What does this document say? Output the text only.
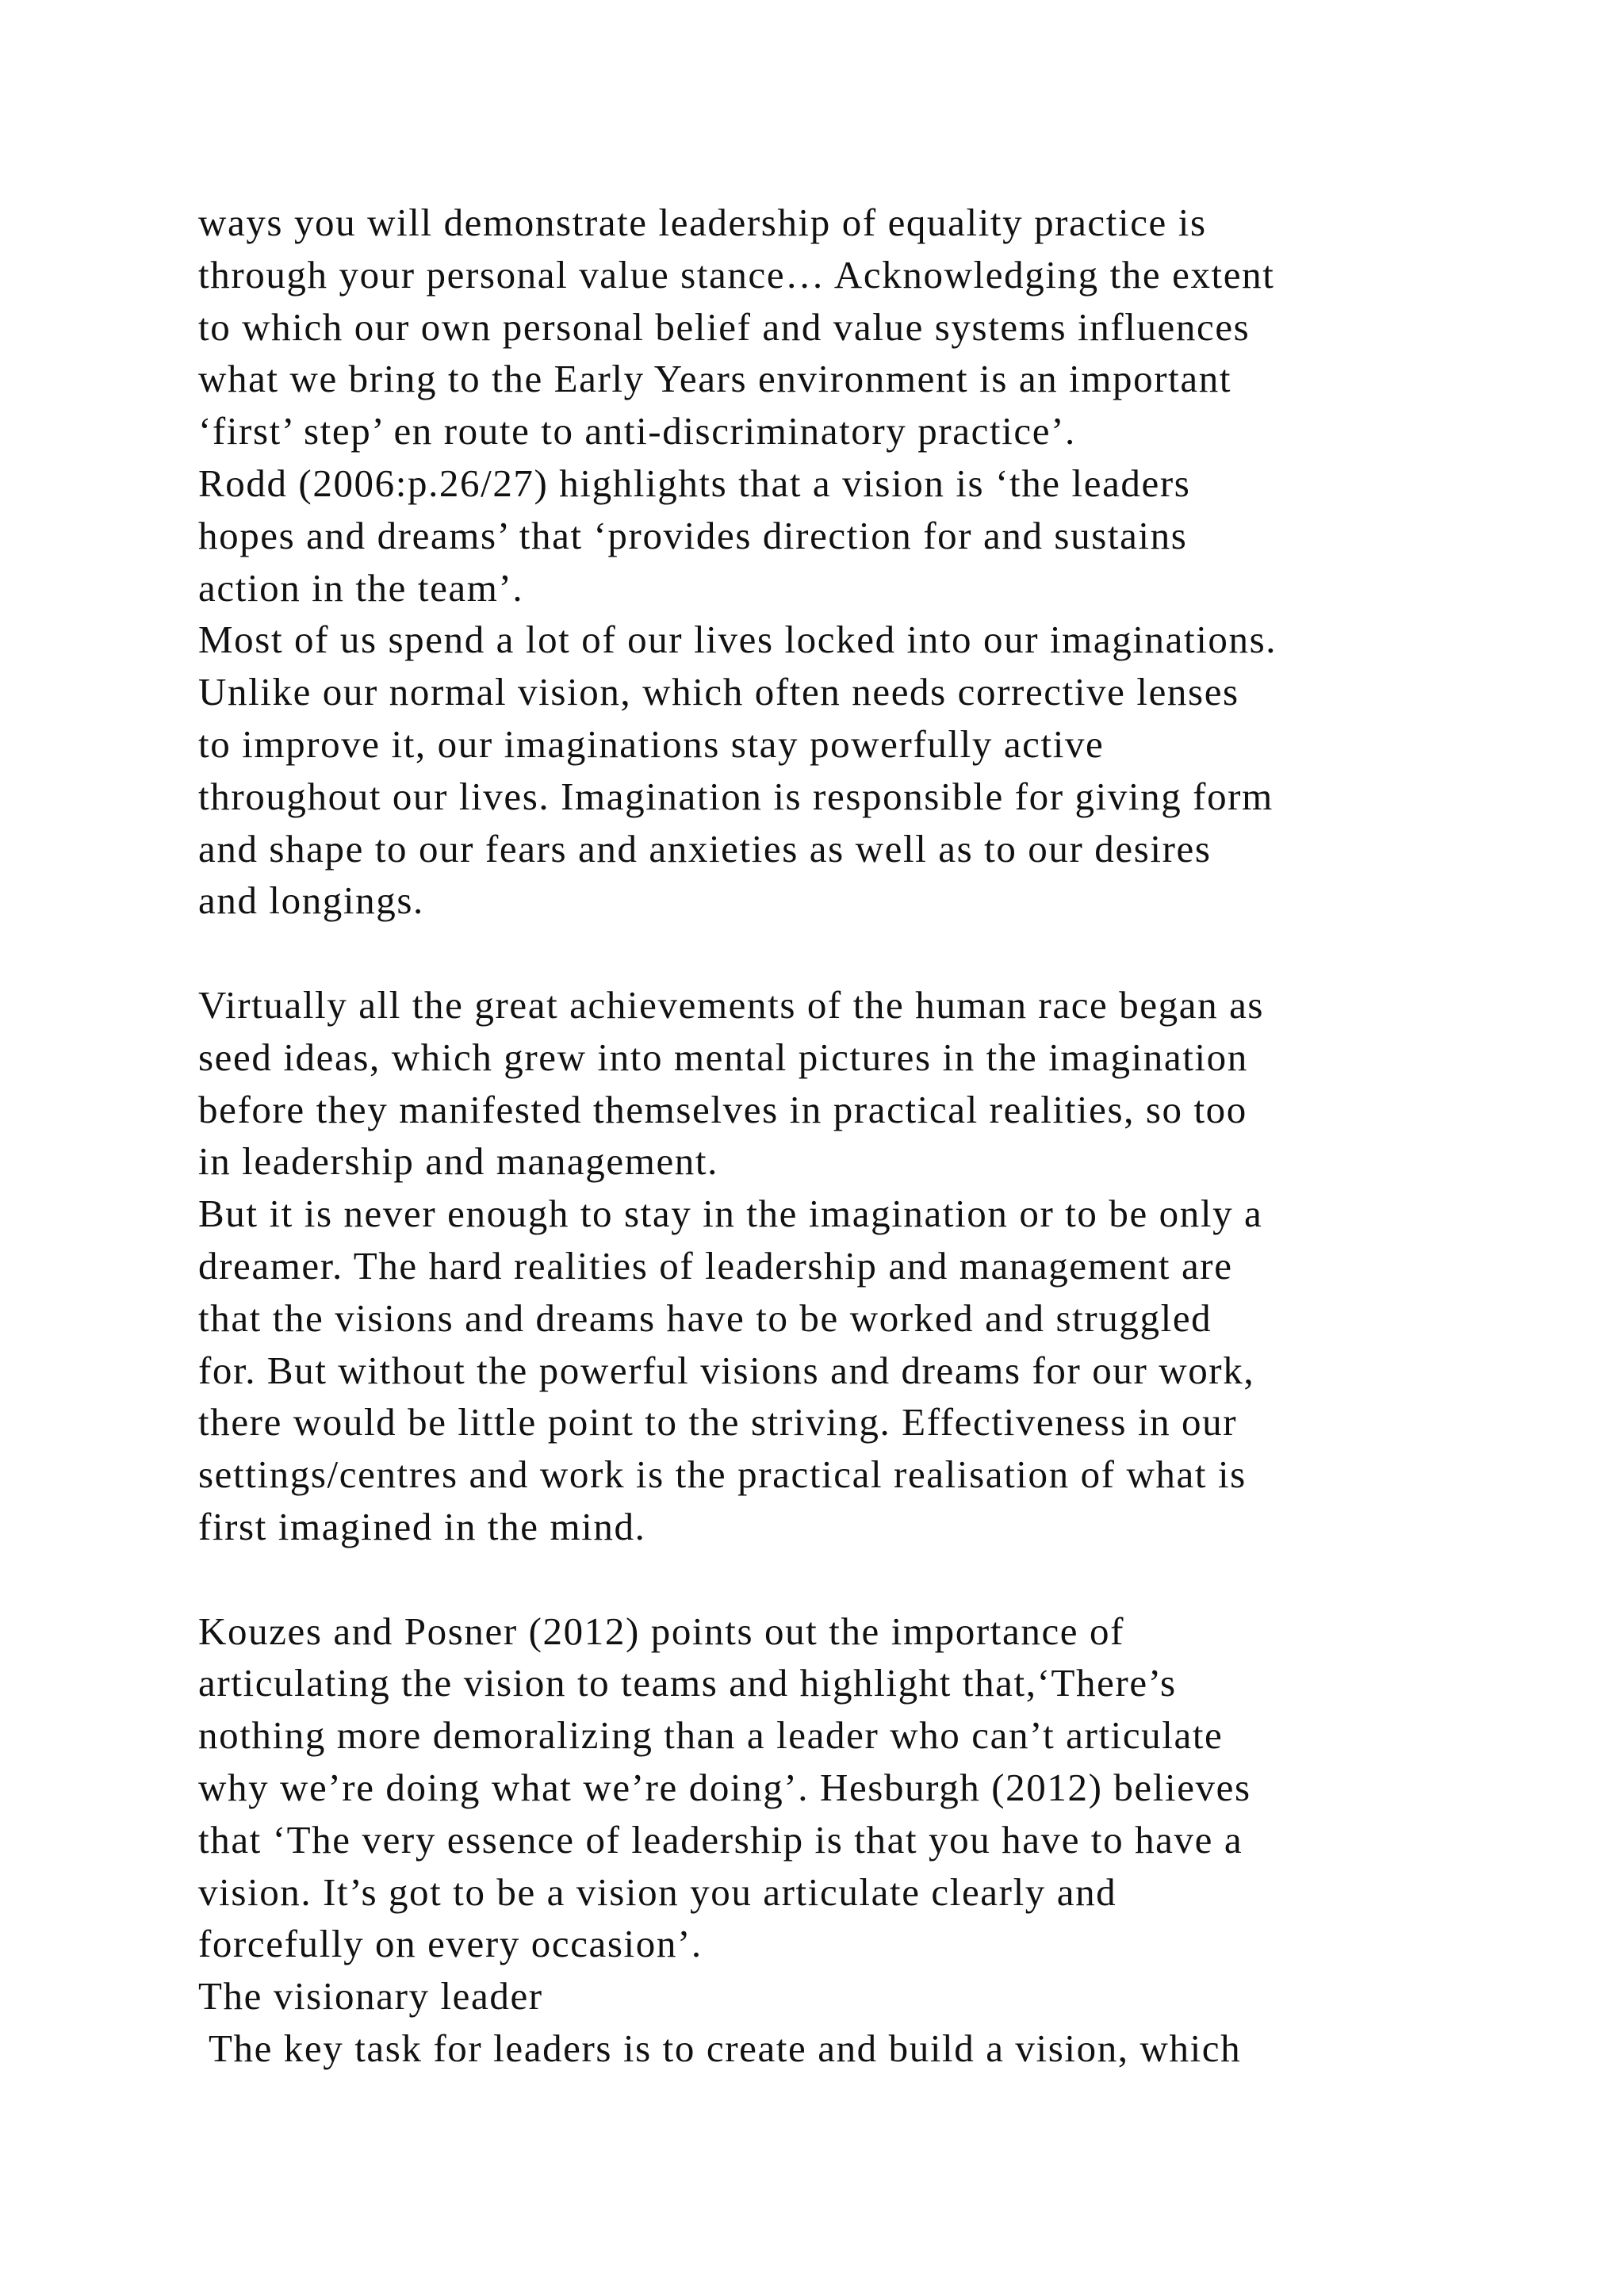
ways you will demonstrate leadership of equality practice is
through your personal value stance… Acknowledging the extent
to which our own personal belief and value systems influences
what we bring to the Early Years environment is an important
‘first’ step’ en route to anti-discriminatory practice’.
Rodd (2006:p.26/27) highlights that a vision is ‘the leaders
hopes and dreams’ that ‘provides direction for and sustains
action in the team’.
Most of us spend a lot of our lives locked into our imaginations.
Unlike our normal vision, which often needs corrective lenses
to improve it, our imaginations stay powerfully active
throughout our lives. Imagination is responsible for giving form
and shape to our fears and anxieties as well as to our desires
and longings.
Virtually all the great achievements of the human race began as
seed ideas, which grew into mental pictures in the imagination
before they manifested themselves in practical realities, so too
in leadership and management.
But it is never enough to stay in the imagination or to be only a
dreamer. The hard realities of leadership and management are
that the visions and dreams have to be worked and struggled
for. But without the powerful visions and dreams for our work,
there would be little point to the striving. Effectiveness in our
settings/centres and work is the practical realisation of what is
first imagined in the mind.
Kouzes and Posner (2012) points out the importance of
articulating the vision to teams and highlight that,‘There’s
nothing more demoralizing than a leader who can’t articulate
why we’re doing what we’re doing’. Hesburgh (2012) believes
that ‘The very essence of leadership is that you have to have a
vision. It’s got to be a vision you articulate clearly and
forcefully on every occasion’.
The visionary leader
The key task for leaders is to create and build a vision, which
